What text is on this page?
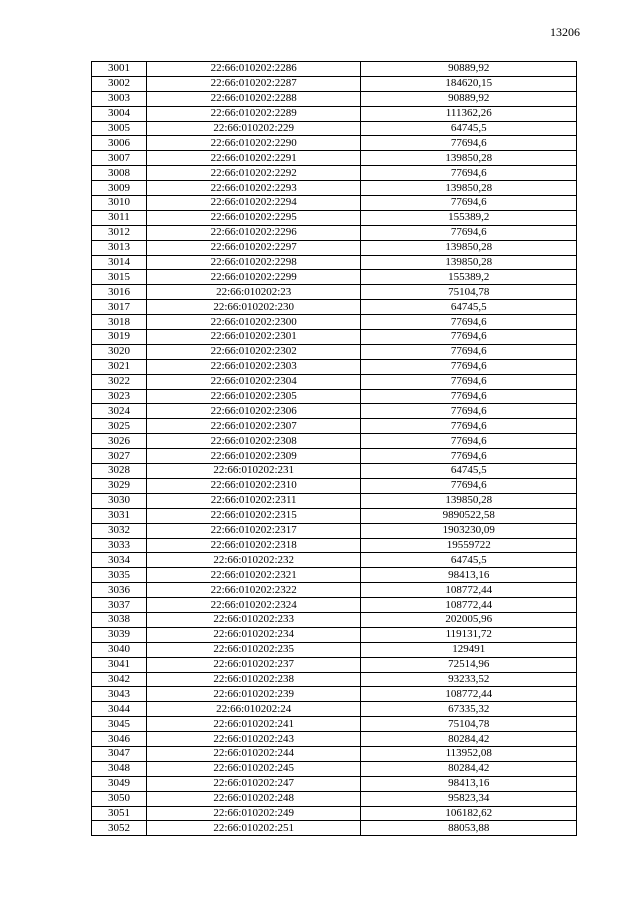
13206
3001	22:66:010202:2286	90889,92
3002	22:66:010202:2287	184620,15
3003	22:66:010202:2288	90889,92
3004	22:66:010202:2289	111362,26
3005	22:66:010202:229	64745,5
3006	22:66:010202:2290	77694,6
3007	22:66:010202:2291	139850,28
3008	22:66:010202:2292	77694,6
3009	22:66:010202:2293	139850,28
3010	22:66:010202:2294	77694,6
3011	22:66:010202:2295	155389,2
3012	22:66:010202:2296	77694,6
3013	22:66:010202:2297	139850,28
3014	22:66:010202:2298	139850,28
3015	22:66:010202:2299	155389,2
3016	22:66:010202:23	75104,78
3017	22:66:010202:230	64745,5
3018	22:66:010202:2300	77694,6
3019	22:66:010202:2301	77694,6
3020	22:66:010202:2302	77694,6
3021	22:66:010202:2303	77694,6
3022	22:66:010202:2304	77694,6
3023	22:66:010202:2305	77694,6
3024	22:66:010202:2306	77694,6
3025	22:66:010202:2307	77694,6
3026	22:66:010202:2308	77694,6
3027	22:66:010202:2309	77694,6
3028	22:66:010202:231	64745,5
3029	22:66:010202:2310	77694,6
3030	22:66:010202:2311	139850,28
3031	22:66:010202:2315	9890522,58
3032	22:66:010202:2317	1903230,09
3033	22:66:010202:2318	19559722
3034	22:66:010202:232	64745,5
3035	22:66:010202:2321	98413,16
3036	22:66:010202:2322	108772,44
3037	22:66:010202:2324	108772,44
3038	22:66:010202:233	202005,96
3039	22:66:010202:234	119131,72
3040	22:66:010202:235	129491
3041	22:66:010202:237	72514,96
3042	22:66:010202:238	93233,52
3043	22:66:010202:239	108772,44
3044	22:66:010202:24	67335,32
3045	22:66:010202:241	75104,78
3046	22:66:010202:243	80284,42
3047	22:66:010202:244	113952,08
3048	22:66:010202:245	80284,42
3049	22:66:010202:247	98413,16
3050	22:66:010202:248	95823,34
3051	22:66:010202:249	106182,62
3052	22:66:010202:251	88053,88
